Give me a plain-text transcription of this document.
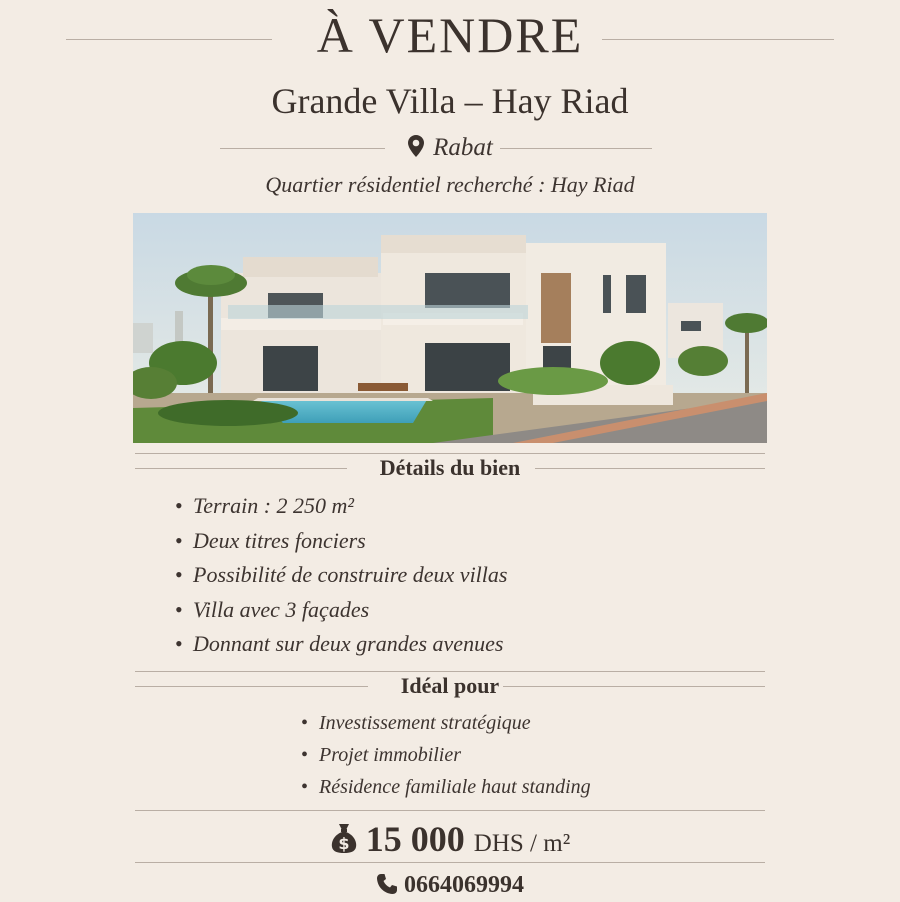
À VENDRE
Grande Villa – Hay Riad
Rabat
Quartier résidentiel recherché : Hay Riad
Détails du bien
• Terrain : 2 250 m²
• Deux titres fonciers
• Possibilité de construire deux villas
• Villa avec 3 façades
• Donnant sur deux grandes avenues
Idéal pour
• Investissement stratégique
• Projet immobilier
• Résidence familiale haut standing
$ 15 000 DHS / m²
0664069994
